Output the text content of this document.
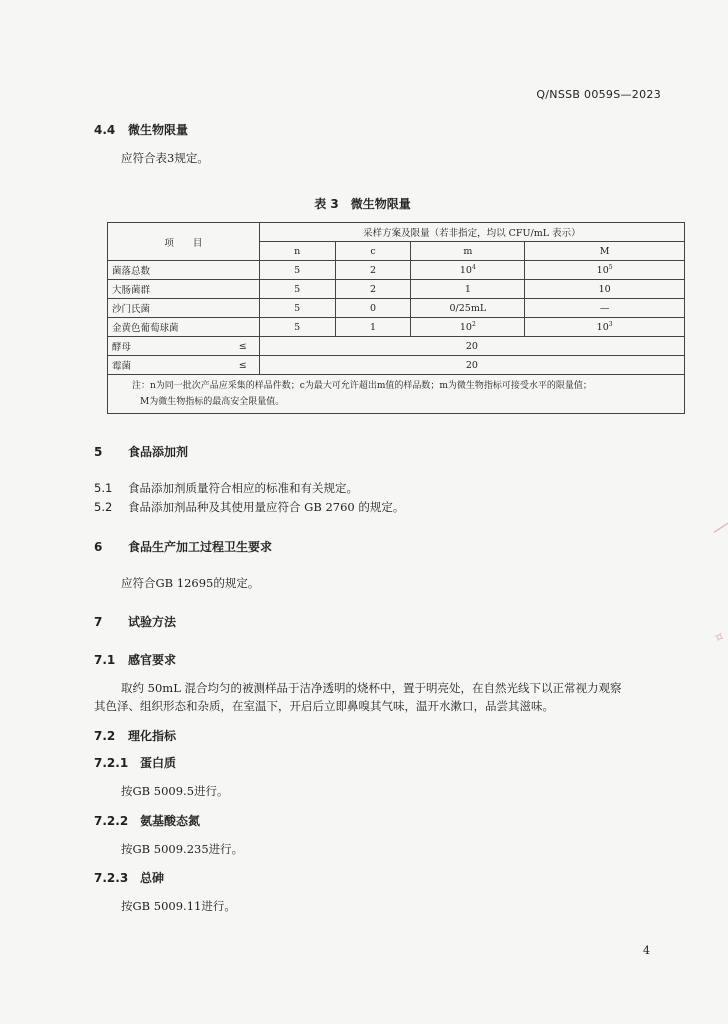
Q/NSSB 0059S—2023
4.4 微生物限量
应符合表3规定。
表 3　微生物限量
项　　目		采样方案及限量（若非指定，均以 CFU/mL 表示）			
		n	c	m	M
菌落总数		5	2	$10^4$	$10^5$
大肠菌群		5	2	1	10
沙门氏菌		5	0	0/25mL	—
金黄色葡萄球菌		5	1	$10^2$	$10^3$
酵母	≤	20			
霉菌	≤	20			

注：n为同一批次产品应采集的样品件数；c为最大可允许超出m值的样品数；m为微生物指标可接受水平的限量值；
M为微生物指标的最高安全限量值。					
5 食品添加剂
5.1 食品添加剂质量符合相应的标准和有关规定。
5.2 食品添加剂品种及其使用量应符合 GB 2760 的规定。
6 食品生产加工过程卫生要求
应符合GB 12695的规定。
7 试验方法
7.1 感官要求
取约 50mL 混合均匀的被测样品于洁净透明的烧杯中，置于明亮处，在自然光线下以正常视力观察
其色泽、组织形态和杂质，在室温下，开启后立即鼻嗅其气味，温开水漱口，品尝其滋味。
7.2 理化指标
7.2.1 蛋白质
按GB 5009.5进行。
7.2.2 氨基酸态氮
按GB 5009.235进行。
7.2.3 总砷
按GB 5009.11进行。
4
╱
✧
